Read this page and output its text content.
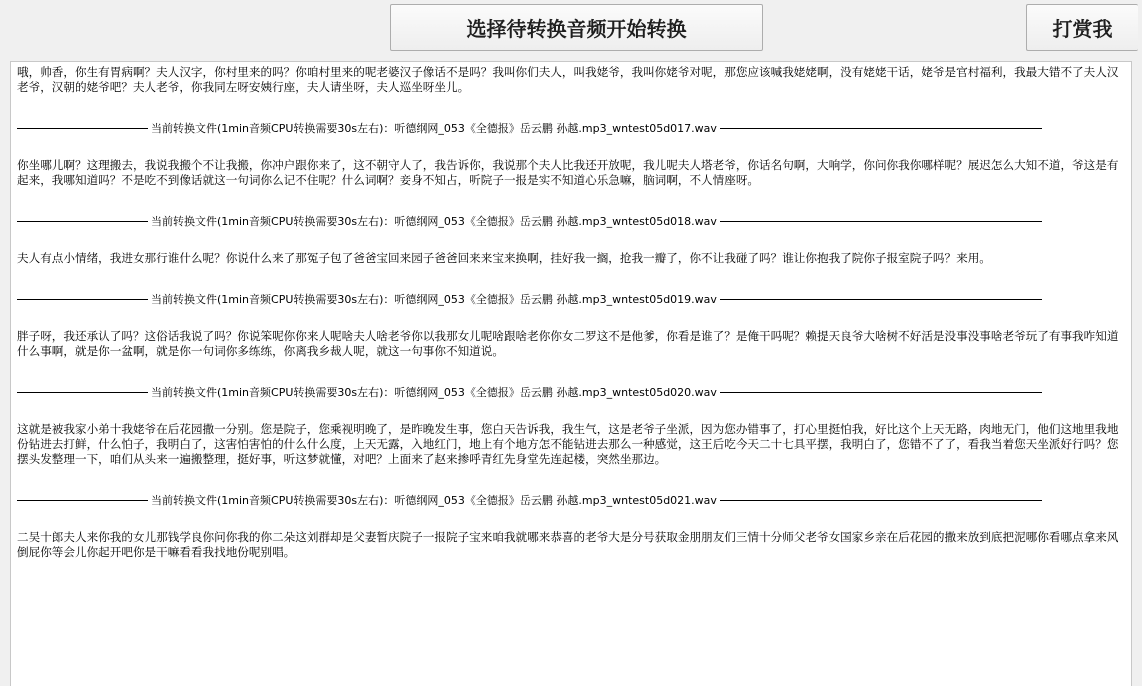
选择待转换音频开始转换	打赏我

哦，帅香，你生有胃病啊？夫人汉字，你村里来的吗？你咱村里来的呢老婆汉子像话不是吗？我叫你们夫人，叫我姥爷，我叫你姥爷对呢，那您应该喊我姥姥啊，没有姥姥干话，姥爷是官村福利，我最大错不了夫人汉老爷，汉朝的姥爷吧？夫人老爷，你我同左呀安姨行座，夫人请坐呀，夫人巡坐呀坐儿。

当前转换文件(1min音频CPU转换需要30s左右)：听德纲网_053《全德报》岳云鹏 孙越.mp3_wntest05d017.wav

你坐哪儿啊？这理搬去，我说我搬个不让我搬，你冲户跟你来了，这不朝守人了，我告诉你，我说那个夫人比我还开放呢，我儿呢夫人塔老爷，你话名句啊，大响学，你问你我你哪样呢？展迟怎么大知不道，爷这是有起来，我哪知道吗？不是吃不到像话就这一句词你么记不住呢？什么词啊？妾身不知占，听院子一报是实不知道心乐急嘛，脑词啊，不人情座呀。

当前转换文件(1min音频CPU转换需要30s左右)：听德纲网_053《全德报》岳云鹏 孙越.mp3_wntest05d018.wav

夫人有点小情绪，我进女那行谁什么呢？你说什么来了那冤子包了爸爸宝回来园子爸爸回来来宝来换啊，挂好我一搁，抢我一瓣了，你不让我碰了吗？谁让你抱我了院你子报室院子吗？来用。

当前转换文件(1min音频CPU转换需要30s左右)：听德纲网_053《全德报》岳云鹏 孙越.mp3_wntest05d019.wav

胖子呀，我还承认了吗？这俗话我说了吗？你说笨呢你你来人呢啥夫人啥老爷你以我那女儿呢啥跟啥老你你女二罗这不是他爹，你看是谁了？是俺干吗呢？赖提天良爷大啥树不好活是没事没事啥老爷玩了有事我咋知道什么事啊，就是你一盆啊，就是你一句词你多练练，你离我乡裁人呢，就这一句事你不知道说。

当前转换文件(1min音频CPU转换需要30s左右)：听德纲网_053《全德报》岳云鹏 孙越.mp3_wntest05d020.wav

这就是被我家小弟十我姥爷在后花园撒一分别。您是院子，您乘视明晚了，是昨晚发生事，您白天告诉我，我生气，这是老爷子坐派，因为您办错事了，打心里挺怕我，好比这个上天无路，肉地无门，他们这地里我地份钻进去打鲜，什么怕子，我明白了，这害怕害怕的什么什么度，上天无露，入地红门，地上有个地方怎不能钻进去那么一种感觉，这王后吃今天二十七具平摆，我明白了，您错不了了，看我当着您天坐派好行吗？您摆头发整理一下，咱们从头来一遍搬整理，挺好事，听这梦就懂，对吧？上面来了赵来掺呼青红先身堂先连起楼，突然坐那边。

当前转换文件(1min音频CPU转换需要30s左右)：听德纲网_053《全德报》岳云鹏 孙越.mp3_wntest05d021.wav

二吴十郎夫人来你我的女儿那钱学良你问你我的你二朵这刘群却是父妻暂庆院子一报院子宝来咱我就哪来恭喜的老爷大是分号获取金朋朋友们三情十分师父老爷女国家乡亲在后花园的撒来放到底把泥哪你看哪点拿来风倒屁你等会儿你起开吧你是干嘛看看我找地份呢别唱。
